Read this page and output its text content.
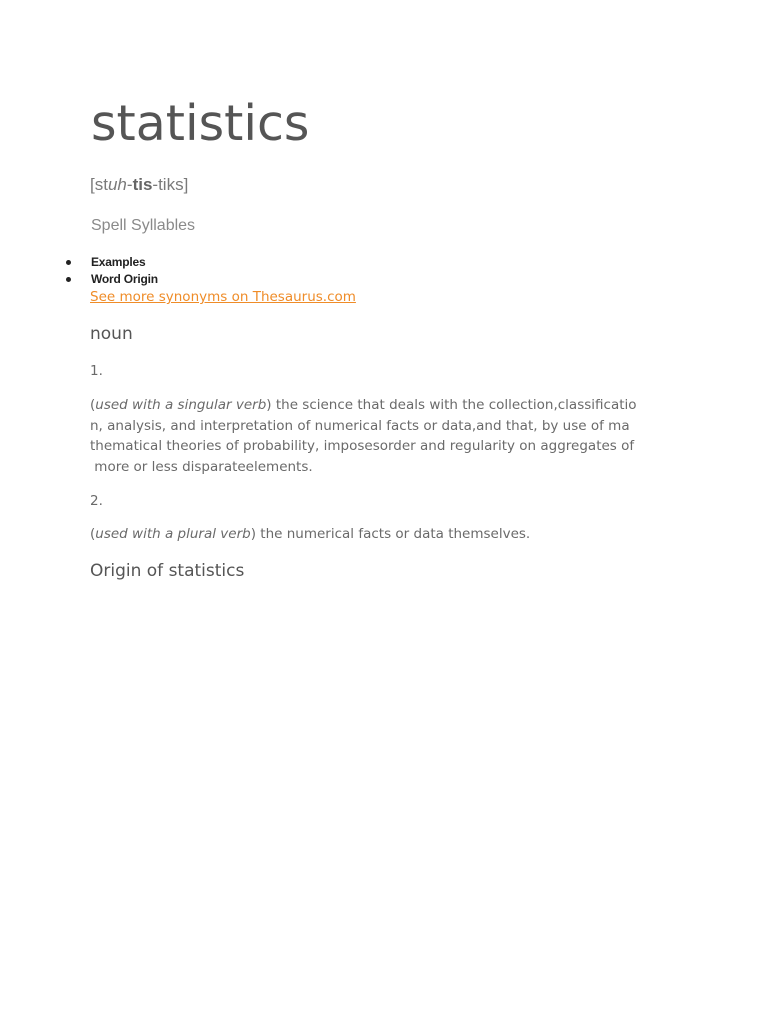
statistics
[stuh-tis-tiks]
Spell Syllables
Examples
Word Origin
See more synonyms on Thesaurus.com
noun
1.
(used with a singular verb) the science that deals with the collection,classificatio
n, analysis, and interpretation of numerical facts or data,and that, by use of ma
thematical theories of probability, imposesorder and regularity on aggregates of
more or less disparateelements.
2.
(used with a plural verb) the numerical facts or data themselves.
Origin of statistics
